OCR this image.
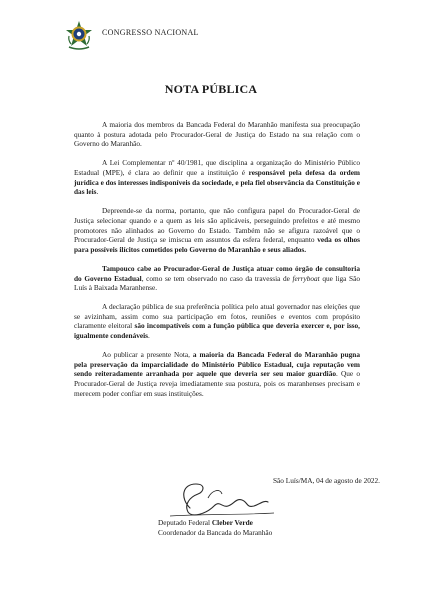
CONGRESSO NACIONAL
NOTA PÚBLICA

A maioria dos membros da Bancada Federal do Maranhão manifesta sua preocupação quanto à postura adotada pelo Procurador-Geral de Justiça do Estado na sua relação com o Governo do Maranhão.

A Lei Complementar nº 40/1981, que disciplina a organização do Ministério Público Estadual (MPE), é clara ao definir que a instituição é responsável pela defesa da ordem jurídica e dos interesses indisponíveis da sociedade, e pela fiel observância da Constituição e das leis.

Depreende-se da norma, portanto, que não configura papel do Procurador-Geral de Justiça selecionar quando e a quem as leis são aplicáveis, perseguindo prefeitos e até mesmo promotores não alinhados ao Governo do Estado. Também não se afigura razoável que o Procurador-Geral de Justiça se imiscua em assuntos da esfera federal, enquanto veda os olhos para possíveis ilícitos cometidos pelo Governo do Maranhão e seus aliados.

Tampouco cabe ao Procurador-Geral de Justiça atuar como órgão de consultoria do Governo Estadual, como se tem observado no caso da travessia de ferryboat que liga São Luís à Baixada Maranhense.

A declaração pública de sua preferência política pelo atual governador nas eleições que se avizinham, assim como sua participação em fotos, reuniões e eventos com propósito claramente eleitoral são incompatíveis com a função pública que deveria exercer e, por isso, igualmente condenáveis.

Ao publicar a presente Nota, a maioria da Bancada Federal do Maranhão pugna pela preservação da imparcialidade do Ministério Público Estadual, cuja reputação vem sendo reiteradamente arranhada por aquele que deveria ser seu maior guardião. Que o Procurador-Geral de Justiça reveja imediatamente sua postura, pois os maranhenses precisam e merecem poder confiar em suas instituições.

São Luís/MA, 04 de agosto de 2022.
Deputado Federal Cleber Verde
Coordenador da Bancada do Maranhão
